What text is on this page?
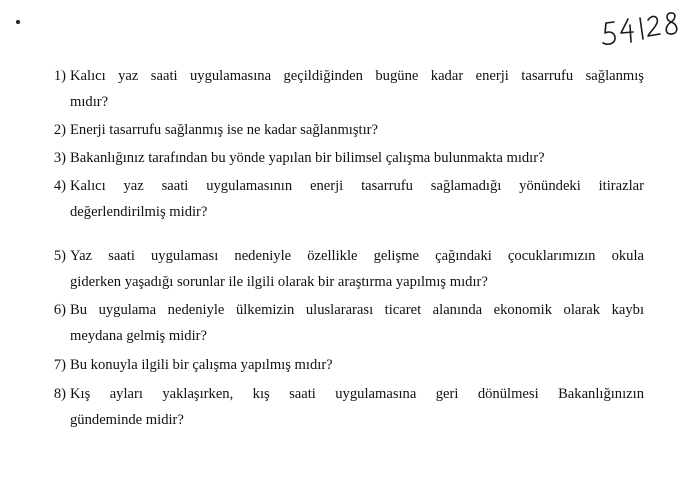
1) Kalıcı yaz saati uygulamasına geçildiğinden bugüne kadar enerji tasarrufu sağlanmış
mıdır?
2) Enerji tasarrufu sağlanmış ise ne kadar sağlanmıştır?
3) Bakanlığınız tarafından bu yönde yapılan bir bilimsel çalışma bulunmakta mıdır?
4) Kalıcı yaz saati uygulamasının enerji tasarrufu sağlamadığı yönündeki itirazlar
değerlendirilmiş midir?
5) Yaz saati uygulaması nedeniyle özellikle gelişme çağındaki çocuklarımızın okula
giderken yaşadığı sorunlar ile ilgili olarak bir araştırma yapılmış mıdır?
6) Bu uygulama nedeniyle ülkemizin uluslararası ticaret alanında ekonomik olarak kaybı
meydana gelmiş midir?
7) Bu konuyla ilgili bir çalışma yapılmış mıdır?
8) Kış ayları yaklaşırken, kış saati uygulamasına geri dönülmesi Bakanlığınızın
gündeminde midir?
